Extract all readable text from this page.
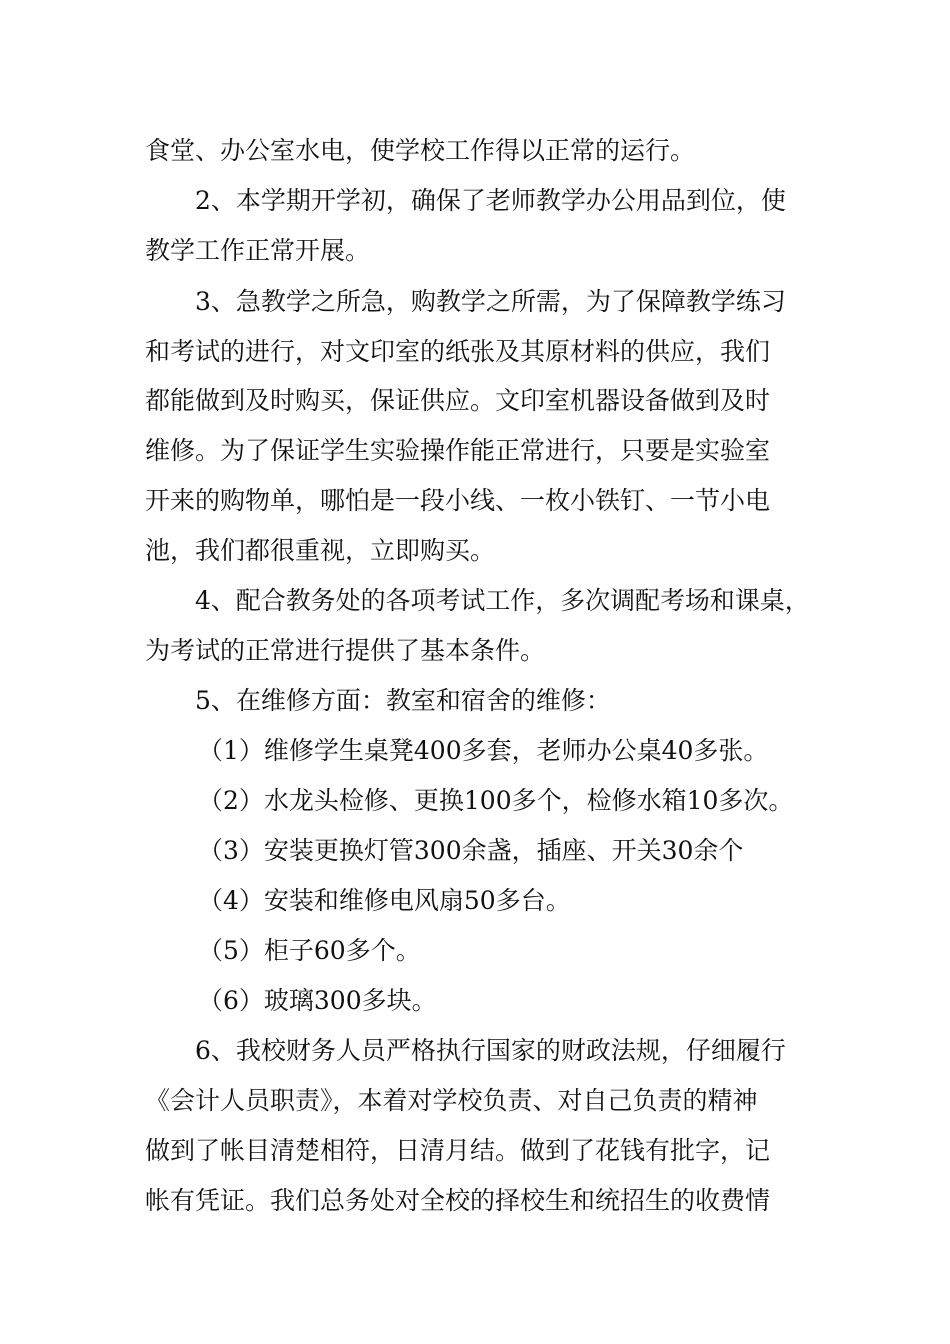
食堂、办公室水电，使学校工作得以正常的运行。
2、本学期开学初，确保了老师教学办公用品到位，使
教学工作正常开展。
3、急教学之所急，购教学之所需，为了保障教学练习
和考试的进行，对文印室的纸张及其原材料的供应，我们
都能做到及时购买，保证供应。文印室机器设备做到及时
维修。为了保证学生实验操作能正常进行，只要是实验室
开来的购物单，哪怕是一段小线、一枚小铁钉、一节小电
池，我们都很重视，立即购买。
4、配合教务处的各项考试工作，多次调配考场和课桌，
为考试的正常进行提供了基本条件。
5、在维修方面：教室和宿舍的维修：
（1）维修学生桌凳400多套，老师办公桌40多张。
（2）水龙头检修、更换100多个，检修水箱10多次。
（3）安装更换灯管300余盏，插座、开关30余个
（4）安装和维修电风扇50多台。
（5）柜子60多个。
（6）玻璃300多块。
6、我校财务人员严格执行国家的财政法规，仔细履行
《会计人员职责》，本着对学校负责、对自己负责的精神
做到了帐目清楚相符，日清月结。做到了花钱有批字，记
帐有凭证。我们总务处对全校的择校生和统招生的收费情
